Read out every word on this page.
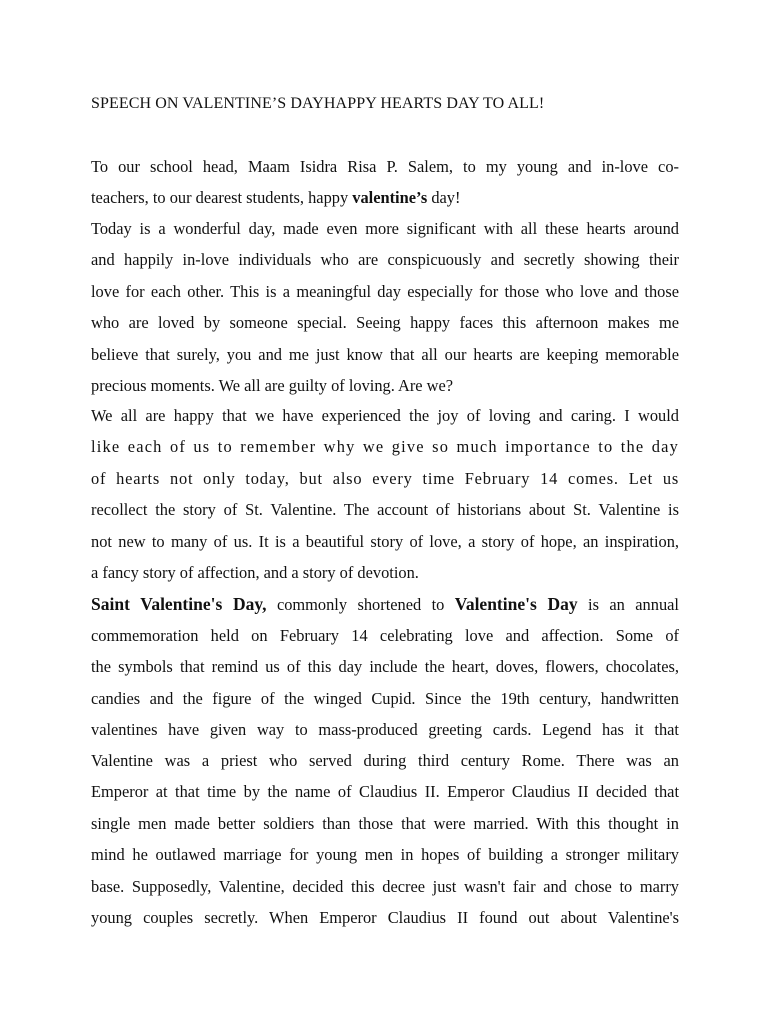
SPEECH ON VALENTINE’S DAYHAPPY HEARTS DAY TO ALL!
To our school head, Maam Isidra Risa P. Salem, to my young and in-love co-
teachers, to our dearest students, happy valentine’s day!
Today is a wonderful day, made even more significant with all these hearts around
and happily in-love individuals who are conspicuously and secretly showing their
love for each other. This is a meaningful day especially for those who love and those
who are loved by someone special. Seeing happy faces this afternoon makes me
believe that surely, you and me just know that all our hearts are keeping memorable
precious moments. We all are guilty of loving. Are we?
We all are happy that we have experienced the joy of loving and caring. I would
like each of us to remember why we give so much importance to the day
of hearts not only today, but also every time February 14 comes. Let us
recollect the story of St. Valentine. The account of historians about St. Valentine is
not new to many of us. It is a beautiful story of love, a story of hope, an inspiration,
a fancy story of affection, and a story of devotion.
Saint Valentine's Day, commonly shortened to Valentine's Day is an annual
commemoration held on February 14 celebrating love and affection. Some of
the symbols that remind us of this day include the heart, doves, flowers, chocolates,
candies and the figure of the winged Cupid. Since the 19th century, handwritten
valentines have given way to mass-produced greeting cards. Legend has it that
Valentine was a priest who served during third century Rome. There was an
Emperor at that time by the name of Claudius II. Emperor Claudius II decided that
single men made better soldiers than those that were married. With this thought in
mind he outlawed marriage for young men in hopes of building a stronger military
base. Supposedly, Valentine, decided this decree just wasn't fair and chose to marry
young couples secretly. When Emperor Claudius II found out about Valentine's
